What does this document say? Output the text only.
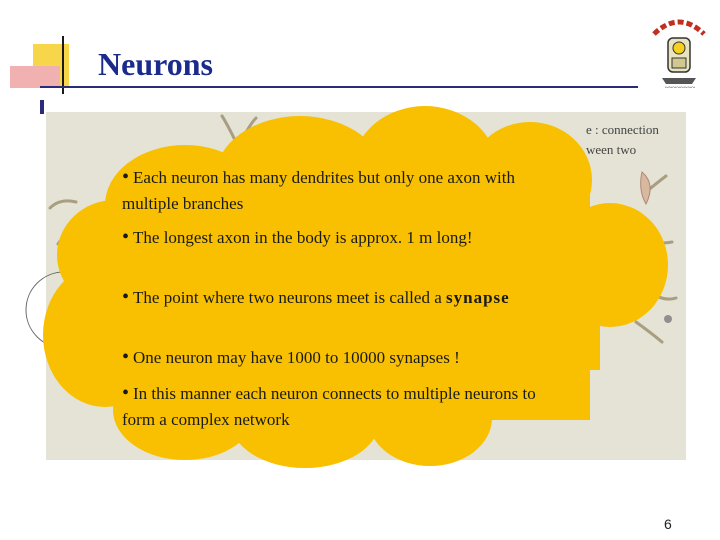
Neurons
~~~~~~~~
e : connection ween two

• Each neuron has many dendrites but only one axon with multiple branches

• The longest axon in the body is approx. 1 m long!

• The point where two neurons meet is called a synapse

• One neuron may have 1000 to 10000 synapses !

• In this manner each neuron connects to multiple neurons to form a complex network

6
